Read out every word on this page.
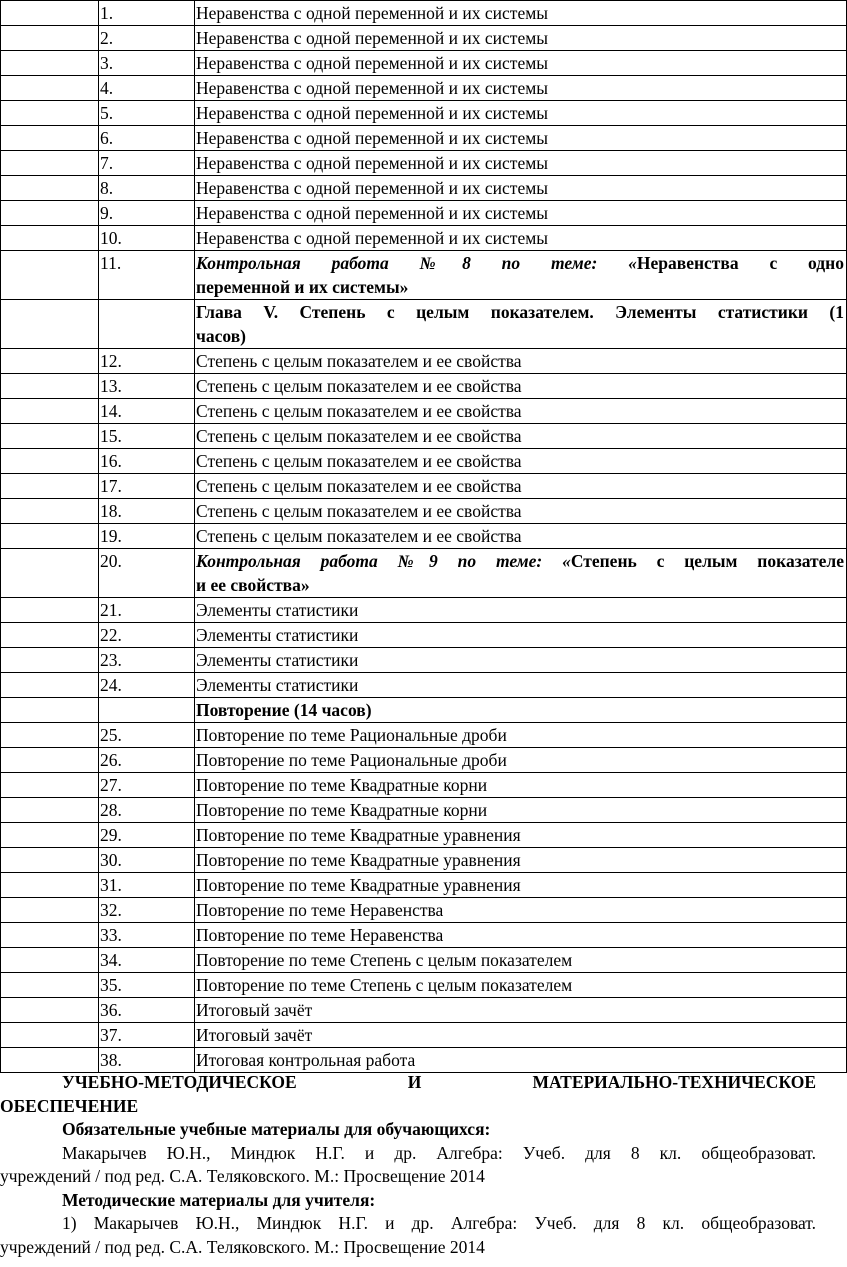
	1.	Неравенства с одной переменной и их системы
	2.	Неравенства с одной переменной и их системы
	3.	Неравенства с одной переменной и их системы
	4.	Неравенства с одной переменной и их системы
	5.	Неравенства с одной переменной и их системы
	6.	Неравенства с одной переменной и их системы
	7.	Неравенства с одной переменной и их системы
	8.	Неравенства с одной переменной и их системы
	9.	Неравенства с одной переменной и их системы
	10.	Неравенства с одной переменной и их системы
	11.	Контрольная работа №8 по теме: «Неравенства с одно
переменной и их системы»

		Глава V. Степень с целым показателем. Элементы статистики (1
часов)

	12.	Степень с целым показателем и ее свойства
	13.	Степень с целым показателем и ее свойства
	14.	Степень с целым показателем и ее свойства
	15.	Степень с целым показателем и ее свойства
	16.	Степень с целым показателем и ее свойства
	17.	Степень с целым показателем и ее свойства
	18.	Степень с целым показателем и ее свойства
	19.	Степень с целым показателем и ее свойства
	20.	Контрольная работа №9 по теме: «Степень с целым показателе
и ее свойства»

	21.	Элементы статистики
	22.	Элементы статистики
	23.	Элементы статистики
	24.	Элементы статистики
		Повторение (14 часов)
	25.	Повторение по теме Рациональные дроби
	26.	Повторение по теме Рациональные дроби
	27.	Повторение по теме Квадратные корни
	28.	Повторение по теме Квадратные корни
	29.	Повторение по теме Квадратные уравнения
	30.	Повторение по теме Квадратные уравнения
	31.	Повторение по теме Квадратные уравнения
	32.	Повторение по теме Неравенства
	33.	Повторение по теме Неравенства
	34.	Повторение по теме Степень с целым показателем
	35.	Повторение по теме Степень с целым показателем
	36.	Итоговый зачёт
	37.	Итоговый зачёт
	38.	Итоговая контрольная работа

УЧЕБНО-МЕТОДИЧЕСКОЕ И МАТЕРИАЛЬНО-ТЕХНИЧЕСКОЕ

ОБЕСПЕЧЕНИЕ

Обязательные учебные материалы для обучающихся:

Макарычев Ю.Н., Миндюк Н.Г. и др. Алгебра: Учеб. для 8 кл. общеобразоват.

учреждений / под ред. С.А. Теляковского. М.: Просвещение 2014

Методические материалы для учителя:

1) Макарычев Ю.Н., Миндюк Н.Г. и др. Алгебра: Учеб. для 8 кл. общеобразоват.

учреждений / под ред. С.А. Теляковского. М.: Просвещение 2014
